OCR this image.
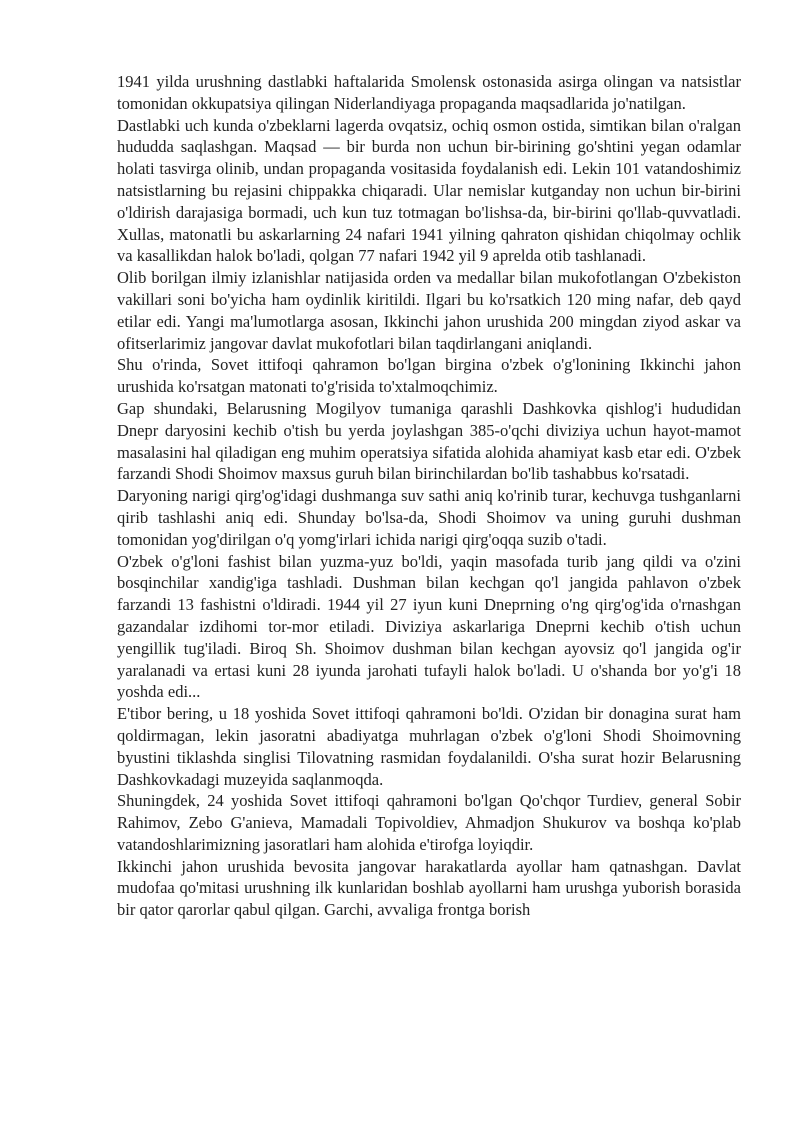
1941 yilda urushning dastlabki haftalarida Smolensk ostonasida asirga olingan va natsistlar tomonidan okkupatsiya qilingan Niderlandiyaga propaganda maqsadlarida jo'natilgan.

Dastlabki uch kunda o'zbeklarni lagerda ovqatsiz, ochiq osmon ostida, simtikan bilan o'ralgan hududda saqlashgan. Maqsad — bir burda non uchun bir-birining go'shtini yegan odamlar holati tasvirga olinib, undan propaganda vositasida foydalanish edi. Lekin 101 vatandoshimiz natsistlarning bu rejasini chippakka chiqaradi. Ular nemislar kutganday non uchun bir-birini o'ldirish darajasiga bormadi, uch kun tuz totmagan bo'lishsa-da, bir-birini qo'llab-quvvatladi. Xullas, matonatli bu askarlarning 24 nafari 1941 yilning qahraton qishidan chiqolmay ochlik va kasallikdan halok bo'ladi, qolgan 77 nafari 1942 yil 9 aprelda otib tashlanadi.

Olib borilgan ilmiy izlanishlar natijasida orden va medallar bilan mukofotlangan O'zbekiston vakillari soni bo'yicha ham oydinlik kiritildi. Ilgari bu ko'rsatkich 120 ming nafar, deb qayd etilar edi. Yangi ma'lumotlarga asosan, Ikkinchi jahon urushida 200 mingdan ziyod askar va ofitserlarimiz jangovar davlat mukofotlari bilan taqdirlangani aniqlandi.

Shu o'rinda, Sovet ittifoqi qahramon bo'lgan birgina o'zbek o'g'lonining Ikkinchi jahon urushida ko'rsatgan matonati to'g'risida to'xtalmoqchimiz.

Gap shundaki, Belarusning Mogilyov tumaniga qarashli Dashkovka qishlog'i hududidan Dnepr daryosini kechib o'tish bu yerda joylashgan 385-o'qchi diviziya uchun hayot-mamot masalasini hal qiladigan eng muhim operatsiya sifatida alohida ahamiyat kasb etar edi. O'zbek farzandi Shodi Shoimov maxsus guruh bilan birinchilardan bo'lib tashabbus ko'rsatadi.

Daryoning narigi qirg'og'idagi dushmanga suv sathi aniq ko'rinib turar, kechuvga tushganlarni qirib tashlashi aniq edi. Shunday bo'lsa-da, Shodi Shoimov va uning guruhi dushman tomonidan yog'dirilgan o'q yomg'irlari ichida narigi qirg'oqqa suzib o'tadi.

O'zbek o'g'loni fashist bilan yuzma-yuz bo'ldi, yaqin masofada turib jang qildi va o'zini bosqinchilar xandig'iga tashladi. Dushman bilan kechgan qo'l jangida pahlavon o'zbek farzandi 13 fashistni o'ldiradi. 1944 yil 27 iyun kuni Dneprning o'ng qirg'og'ida o'rnashgan gazandalar izdihomi tor-mor etiladi. Diviziya askarlariga Dneprni kechib o'tish uchun yengillik tug'iladi. Biroq Sh. Shoimov dushman bilan kechgan ayovsiz qo'l jangida og'ir yaralanadi va ertasi kuni 28 iyunda jarohati tufayli halok bo'ladi. U o'shanda bor yo'g'i 18 yoshda edi...

E'tibor bering, u 18 yoshida Sovet ittifoqi qahramoni bo'ldi. O'zidan bir donagina surat ham qoldirmagan, lekin jasoratni abadiyatga muhrlagan o'zbek o'g'loni Shodi Shoimovning byustini tiklashda singlisi Tilovatning rasmidan foydalanildi. O'sha surat hozir Belarusning Dashkovkadagi muzeyida saqlanmoqda.

Shuningdek, 24 yoshida Sovet ittifoqi qahramoni bo'lgan Qo'chqor Turdiev, general Sobir Rahimov, Zebo G'anieva, Mamadali Topivoldiev, Ahmadjon Shukurov va boshqa ko'plab vatandoshlarimizning jasoratlari ham alohida e'tirofga loyiqdir.

Ikkinchi jahon urushida bevosita jangovar harakatlarda ayollar ham qatnashgan. Davlat mudofaa qo'mitasi urushning ilk kunlaridan boshlab ayollarni ham urushga yuborish borasida bir qator qarorlar qabul qilgan. Garchi, avvaliga frontga borish
